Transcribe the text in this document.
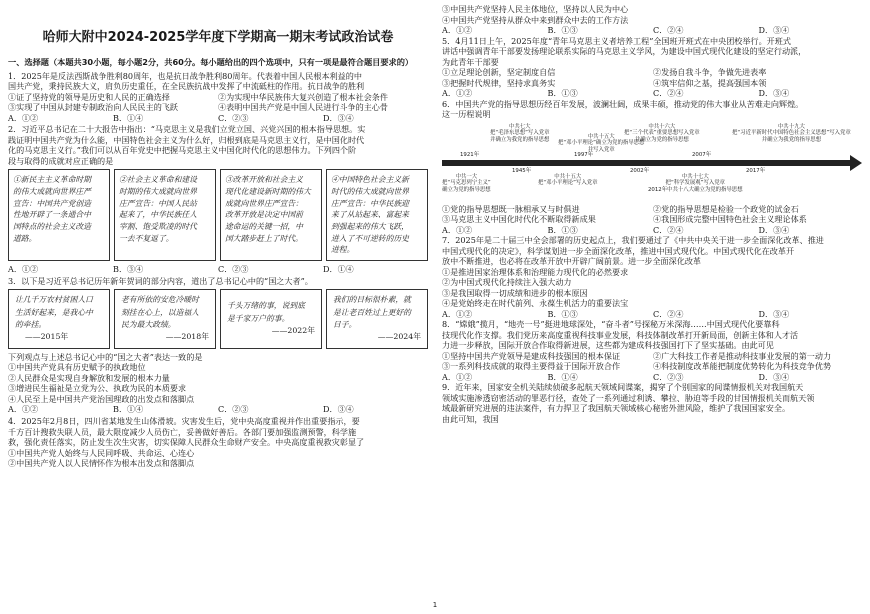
哈师大附中2024-2025学年度下学期高一期末考试政治试卷
一、选择题（本题共30小题，每小题2分，共60分。每小题给出的四个选项中，只有一项是最符合题目要求的）

1．2025年是反法西斯战争胜利80周年，也是抗日战争胜利80周年。代表着中国人民根本利益的中

国共产党，秉持民族大义，肩负历史重任，在全民族抗战中发挥了中流砥柱的作用。抗日战争的胜利

①证了坚持党的领导是历史和人民的正确选择	②为实现中华民族伟大复兴创造了根本社会条件
③实现了中国从封建专制政治向人民民主的飞跃	④表明中国共产党是中国人民进行斗争的主心骨
A．①②	B．①④	C．②③	D．③④

2．习近平总书记在二十大报告中指出：“马克思主义是我们立党立国、兴党兴国的根本指导思想。实

践证明中国共产党为什么能，中国特色社会主义为什么好，归根到底是马克思主义行，是中国化时代

化的马克思主义行。”我们可以从百年党史中把握马克思主义中国化时代化的思想伟力。下列四个阶

段与取得的成就对应正确的是

①新民主主义革命时期
的伟大成就向世界庄严
宣告：中国共产党创造
性地开辟了一条通合中
国特点的社会主义改造
道路。
②社会主义革命和建设
时期的伟大成就向世界
庄严宣告：中国人民站
起来了，中华民族任人
宰割、饱受欺凌的时代
一去不复返了。
③改革开放和社会主义
现代化建设新时期的伟大
成就向世界庄严宣告：
改革开放是决定中国前
途命运的关键一招，中
国大踏步赶上了时代。
④中国特色社会主义新
时代的伟大成就向世界
庄严宣告：中华民族迎
来了从站起来、富起来
到强起来的伟大飞跃，
进入了不可逆转的历史
进程。
A．①②	B．③④	C．②③	D．①④

3．以下是习近平总书记历年新年贺词的部分内容，道出了总书记心中的“国之大者”。

让几千万农村贫困人口
生活好起来，是我心中
的牵挂。
——2015年
老有所依的安危冷暖时
刻挂在心上，以造福人
民为最大政绩。
——2018年
千头万绪的事，说到底
是千家万户的事。
——2022年
我们的目标很朴素，就
是让老百姓过上更好的
日子。
——2024年

下列观点与上述总书记心中的“国之大者”表达一致的是

①中国共产党具有历史赋予的执政地位

②人民群众是实现自身解放和发展的根本力量

③增进民生福祉是立党为公、执政为民的本质要求

④人民至上是中国共产党治国理政的出发点和落脚点

A．①②	B．①④	C．②③	D．③④

4．2025年2月8日，四川省某地发生山体滑坡。灾害发生后，党中央高度重视并作出重要指示，要

千方百计搜救失联人员，最大限度减少人员伤亡，妥善做好善后。各部门要加强监测预警，科学施

救，强化责任落实，防止发生次生灾害，切实保障人民群众生命财产安全。中央高度重视救灾彰显了

①中国共产党人始终与人民同呼吸、共命运、心连心

②中国共产党人以人民情怀作为根本出发点和落脚点

③中国共产党坚持人民主体地位，坚持以人民为中心

④中国共产党坚持从群众中来到群众中去的工作方法

A．①②	B．①③	C．②④	D．③④

5．4月11日上午，2025年度“青年马克思主义者培养工程”全国班开班式在中央团校举行。开班式

讲话中强调青年干部要发扬理论联系实际的马克思主义学风，为建设中国式现代化建设的坚定行动派，

为此青年干部要

①立足理论创新，坚定制度自信	②发扬自我斗争，争做先进表率
③把握时代规律，坚持求真务实	④筑牢信仰之基，提高强国本领
A．①②	B．①③	C．②④	D．③④

6．中国共产党的指导思想历经百年发展，波澜壮阔，成果丰硕，推动党的伟大事业从苦难走向辉煌。

这一历程说明

中共七大
把“毛泽东思想”写入党章
并确立为我党的指导思想
中共十五大
把“邓小平理论”确立为党的指导思想
并写入党章
中共十六大
把“三个代表”重要思想写入党章
并确立为党的指导思想
中共十九大
把“习近平新时代中国特色社会主义思想”写入党章
并确立为我党的指导思想
1921年
1945年
1997年
2002年
2007年
2017年
中共一大
把“马克思列宁主义”
确立为党的指导思想
中共十五大
把“邓小平理论”写入党章
中共十七大
把“科学发展观”写入党章
2012年中共十八大确立为党的指导思想
①党的指导思想既一脉相承又与时俱进	②党的指导思想是检验一个政党的试金石
③马克思主义中国化时代化不断取得新成果	④我国形成完整中国特色社会主义理论体系
A．①②	B．①③	C．②④	D．③④

7．2025年是二十届三中全会部署的历史起点上，我们要通过了《中共中央关于进一步全面深化改革、推进

中国式现代化的决定》，科学谋划进一步全面深化改革，推进中国式现代化。中国式现代化在改革开

放中不断推进，也必将在改革开放中开辟广阔前景。进一步全面深化改革

①是推进国家治理体系和治理能力现代化的必然要求

②为中国式现代化持续注入强大动力

③是我国取得一切成绩和进步的根本原因

④是党始终走在时代前列、永葆生机活力的重要法宝

A．①②	B．①③	C．②④	D．③④

8．“嫦娥”揽月，“地壳一号”挺进地球深处，“奋斗者”号探秘万米深海……中国式现代化要靠科

技现代化作支撑。我们党历来高度重视科技事业发展，科技体制改革打开新局面，创新主体和人才活

力进一步释放，国际开放合作取得新进展，这些都为建成科技强国打下了坚实基础。由此可见

①坚持中国共产党领导是建成科技强国的根本保证	②广大科技工作者是推动科技事业发展的第一动力
③一系列科技成就的取得主要得益于国际开放合作	④科技制度改革能把制度优势转化为科技竞争优势
A．①②	B．①④	C．②③	D．③④

9．近年来，国家安全机关陆续侦破多起航天领域间谍案，揭穿了个别国家的间谍情报机关对我国航天

领域实施渗透窃密活动的罪恶行径，查处了一系列通过利诱、攀拉、胁迫等手段的甘国情报机关而航天领

域最新研究进展的违法案件，有力捍卫了我国航天领域核心秘密外泄风险，维护了我国国家安全。

由此可知，我国

1
